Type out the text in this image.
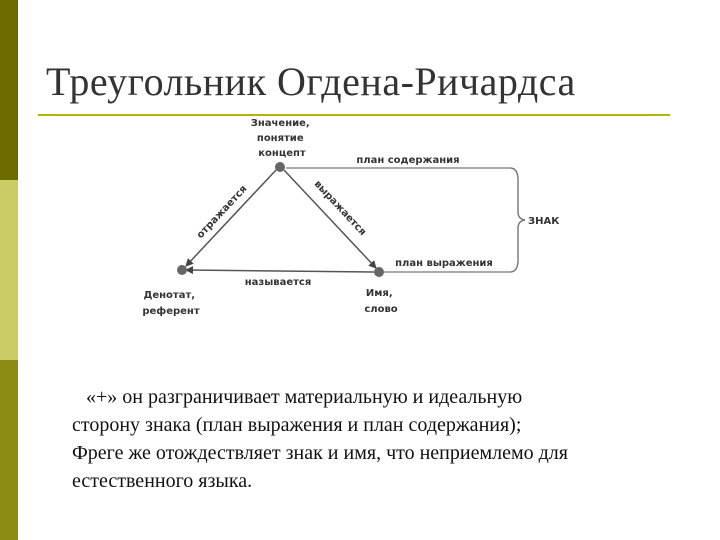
Треугольник Огдена-Ричардса
Значение, понятие концепт
Денотат, референт
Имя, слово
отражается	выражается
называется
план содержания
план выражения
ЗНАК

«+» он разграничивает материальную и идеальную
сторону знака (план выражения и план содержания);
Фреге же отождествляет знак и имя, что неприемлемо для
естественного языка.
